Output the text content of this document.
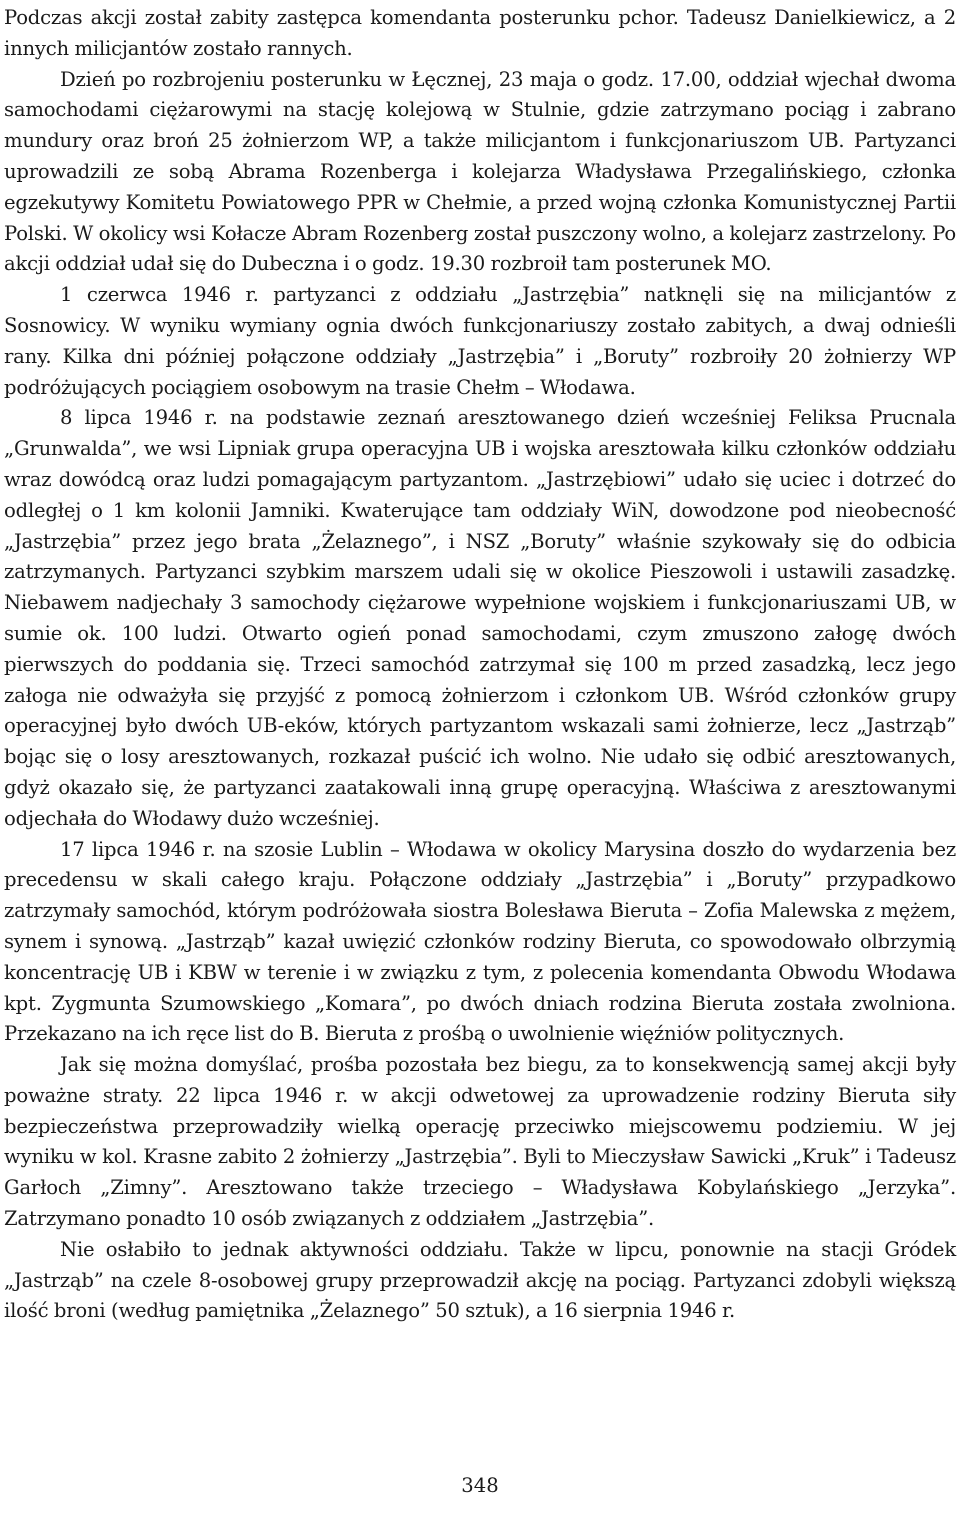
Podczas akcji został zabity zastępca komendanta posterunku pchor. Tadeusz Danielkiewicz, a 2 innych milicjantów zostało rannych.

Dzień po rozbrojeniu posterunku w Łęcznej, 23 maja o godz. 17.00, oddział wjechał dwoma samochodami ciężarowymi na stację kolejową w Stulnie, gdzie zatrzymano pociąg i zabrano mundury oraz broń 25 żołnierzom WP, a także milicjantom i funkcjonariuszom UB. Partyzanci uprowadzili ze sobą Abrama Rozenberga i kolejarza Władysława Przegalińskiego, członka egzekutywy Komitetu Powiatowego PPR w Chełmie, a przed wojną członka Komunistycznej Partii Polski. W okolicy wsi Kołacze Abram Rozenberg został puszczony wolno, a kolejarz zastrzelony. Po akcji oddział udał się do Dubeczna i o godz. 19.30 rozbroił tam posterunek MO.

1 czerwca 1946 r. partyzanci z oddziału „Jastrzębia” natknęli się na milicjantów z Sosnowicy. W wyniku wymiany ognia dwóch funkcjonariuszy zostało zabitych, a dwaj odnieśli rany. Kilka dni później połączone oddziały „Jastrzębia” i „Boruty” rozbroiły 20 żołnierzy WP podróżujących pociągiem osobowym na trasie Chełm – Włodawa.

8 lipca 1946 r. na podstawie zeznań aresztowanego dzień wcześniej Feliksa Prucnala „Grunwalda”, we wsi Lipniak grupa operacyjna UB i wojska aresztowała kilku członków oddziału wraz dowódcą oraz ludzi pomagającym partyzantom. „Jastrzębiowi” udało się uciec i dotrzeć do odległej o 1 km kolonii Jamniki. Kwaterujące tam oddziały WiN, dowodzone pod nieobecność „Jastrzębia” przez jego brata „Żelaznego”, i NSZ „Boruty” właśnie szykowały się do odbicia zatrzymanych. Partyzanci szybkim marszem udali się w okolice Pieszowoli i ustawili zasadzkę. Niebawem nadjechały 3 samochody ciężarowe wypełnione wojskiem i funkcjonariuszami UB, w sumie ok. 100 ludzi. Otwarto ogień ponad samochodami, czym zmuszono załogę dwóch pierwszych do poddania się. Trzeci samochód zatrzymał się 100 m przed zasadzką, lecz jego załoga nie odważyła się przyjść z pomocą żołnierzom i członkom UB. Wśród członków grupy operacyjnej było dwóch UB-eków, których partyzantom wskazali sami żołnierze, lecz „Jastrząb” bojąc się o losy aresztowanych, rozkazał puścić ich wolno. Nie udało się odbić aresztowanych, gdyż okazało się, że partyzanci zaatakowali inną grupę operacyjną. Właściwa z aresztowanymi odjechała do Włodawy dużo wcześniej.

17 lipca 1946 r. na szosie Lublin – Włodawa w okolicy Marysina doszło do wydarzenia bez precedensu w skali całego kraju. Połączone oddziały „Jastrzębia” i „Boruty” przypadkowo zatrzymały samochód, którym podróżowała siostra Bolesława Bieruta – Zofia Malewska z mężem, synem i synową. „Jastrząb” kazał uwięzić członków rodziny Bieruta, co spowodowało olbrzymią koncentrację UB i KBW w terenie i w związku z tym, z polecenia komendanta Obwodu Włodawa kpt. Zygmunta Szumowskiego „Komara”, po dwóch dniach rodzina Bieruta została zwolniona. Przekazano na ich ręce list do B. Bieruta z prośbą o uwolnienie więźniów politycznych.

Jak się można domyślać, prośba pozostała bez biegu, za to konsekwencją samej akcji były poważne straty. 22 lipca 1946 r. w akcji odwetowej za uprowadzenie rodziny Bieruta siły bezpieczeństwa przeprowadziły wielką operację przeciwko miejscowemu podziemiu. W jej wyniku w kol. Krasne zabito 2 żołnierzy „Jastrzębia”. Byli to Mieczysław Sawicki „Kruk” i Tadeusz Garłoch „Zimny”. Aresztowano także trzeciego – Władysława Kobylańskiego „Jerzyka”. Zatrzymano ponadto 10 osób związanych z oddziałem „Jastrzębia”.

Nie osłabiło to jednak aktywności oddziału. Także w lipcu, ponownie na stacji Gródek „Jastrząb” na czele 8-osobowej grupy przeprowadził akcję na pociąg. Partyzanci zdobyli większą ilość broni (według pamiętnika „Żelaznego” 50 sztuk), a 16 sierpnia 1946 r.

348
